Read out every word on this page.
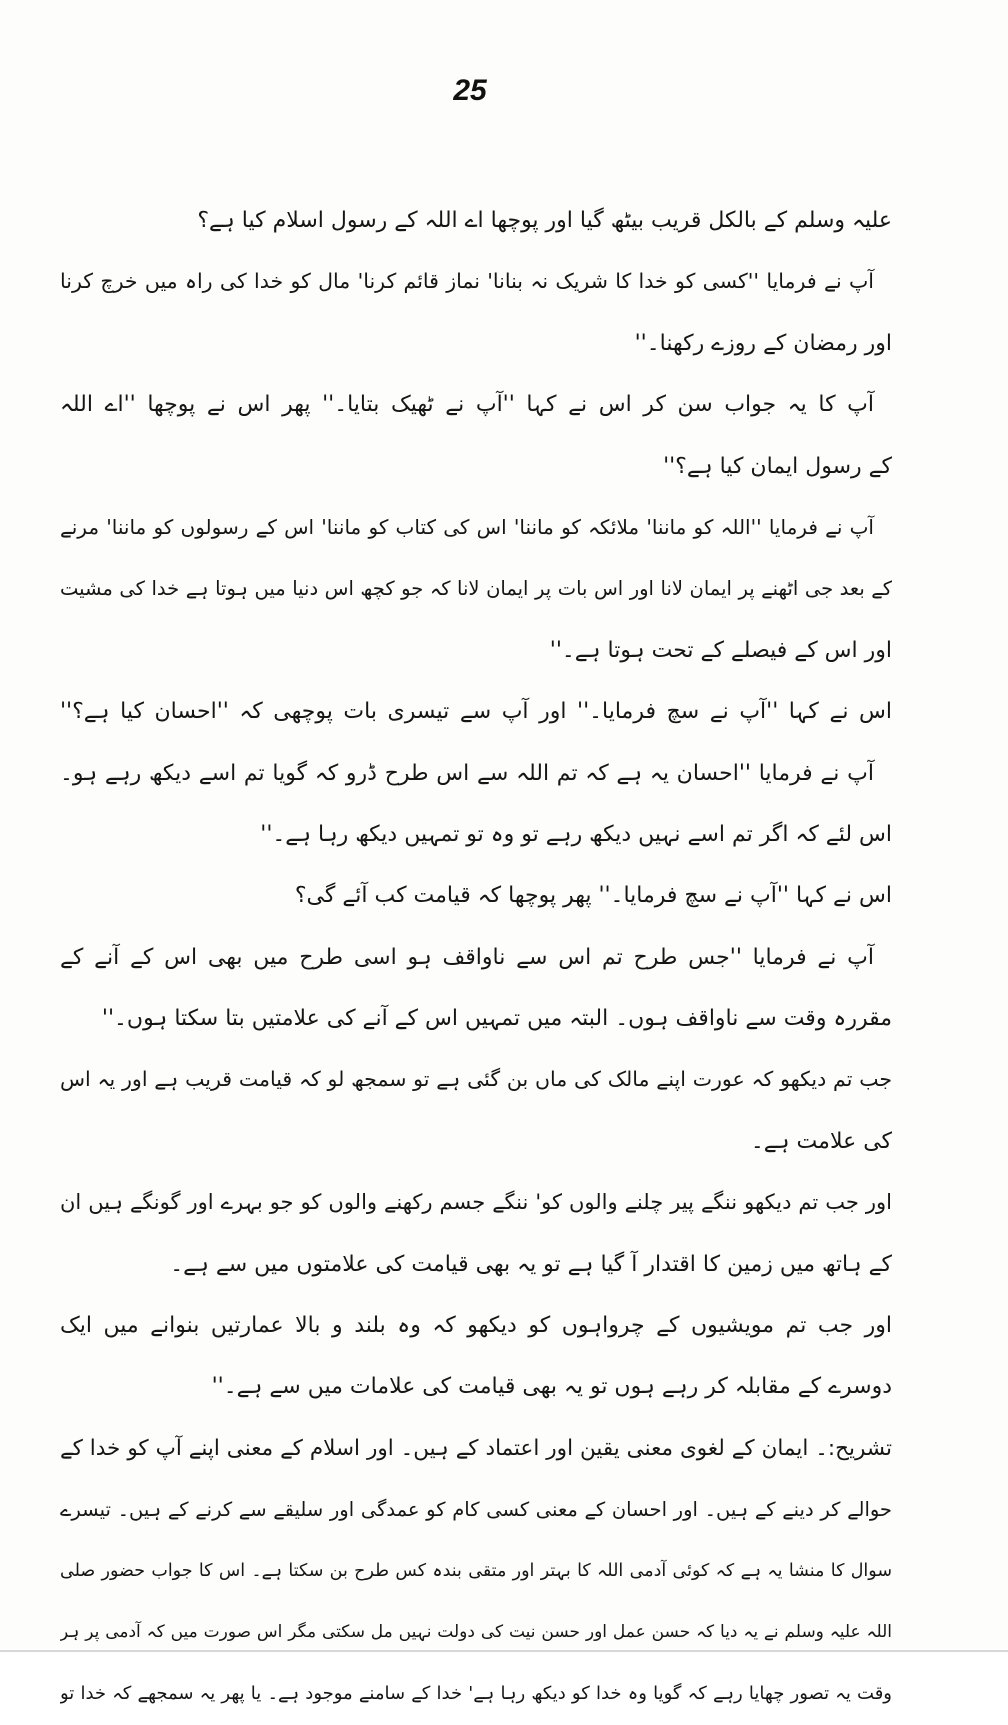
25
علیہ وسلم کے بالکل قریب بیٹھ گیا اور پوچھا اے اللہ کے رسول اسلام کیا ہے؟
آپ نے فرمایا ''کسی کو خدا کا شریک نہ بنانا' نماز قائم کرنا' مال کو خدا کی راہ میں خرچ کرنا
اور رمضان کے روزے رکھنا۔''
آپ کا یہ جواب سن کر اس نے کہا ''آپ نے ٹھیک بتایا۔'' پھر اس نے پوچھا ''اے اللہ
کے رسول ایمان کیا ہے؟''
آپ نے فرمایا ''اللہ کو ماننا' ملائکہ کو ماننا' اس کی کتاب کو ماننا' اس کے رسولوں کو ماننا' مرنے
کے بعد جی اٹھنے پر ایمان لانا اور اس بات پر ایمان لانا کہ جو کچھ اس دنیا میں ہوتا ہے خدا کی مشیت
اور اس کے فیصلے کے تحت ہوتا ہے۔''
اس نے کہا ''آپ نے سچ فرمایا۔'' اور آپ سے تیسری بات پوچھی کہ ''احسان کیا ہے؟''
آپ نے فرمایا ''احسان یہ ہے کہ تم اللہ سے اس طرح ڈرو کہ گویا تم اسے دیکھ رہے ہو۔
اس لئے کہ اگر تم اسے نہیں دیکھ رہے تو وہ تو تمہیں دیکھ رہا ہے۔''
اس نے کہا ''آپ نے سچ فرمایا۔'' پھر پوچھا کہ قیامت کب آئے گی؟
آپ نے فرمایا ''جس طرح تم اس سے ناواقف ہو اسی طرح میں بھی اس کے آنے کے
مقررہ وقت سے ناواقف ہوں۔ البتہ میں تمہیں اس کے آنے کی علامتیں بتا سکتا ہوں۔''
جب تم دیکھو کہ عورت اپنے مالک کی ماں بن گئی ہے تو سمجھ لو کہ قیامت قریب ہے اور یہ اس
کی علامت ہے۔
اور جب تم دیکھو ننگے پیر چلنے والوں کو' ننگے جسم رکھنے والوں کو جو بہرے اور گونگے ہیں ان
کے ہاتھ میں زمین کا اقتدار آ گیا ہے تو یہ بھی قیامت کی علامتوں میں سے ہے۔
اور جب تم مویشیوں کے چرواہوں کو دیکھو کہ وہ بلند و بالا عمارتیں بنوانے میں ایک
دوسرے کے مقابلہ کر رہے ہوں تو یہ بھی قیامت کی علامات میں سے ہے۔''
تشریح:۔ ایمان کے لغوی معنی یقین اور اعتماد کے ہیں۔ اور اسلام کے معنی اپنے آپ کو خدا کے
حوالے کر دینے کے ہیں۔ اور احسان کے معنی کسی کام کو عمدگی اور سلیقے سے کرنے کے ہیں۔ تیسرے
سوال کا منشا یہ ہے کہ کوئی آدمی اللہ کا بہتر اور متقی بندہ کس طرح بن سکتا ہے۔ اس کا جواب حضور صلی
اللہ علیہ وسلم نے یہ دیا کہ حسن عمل اور حسن نیت کی دولت نہیں مل سکتی مگر اس صورت میں کہ آدمی پر ہر
وقت یہ تصور چھایا رہے کہ گویا وہ خدا کو دیکھ رہا ہے' خدا کے سامنے موجود ہے۔ یا پھر یہ سمجھے کہ خدا تو
